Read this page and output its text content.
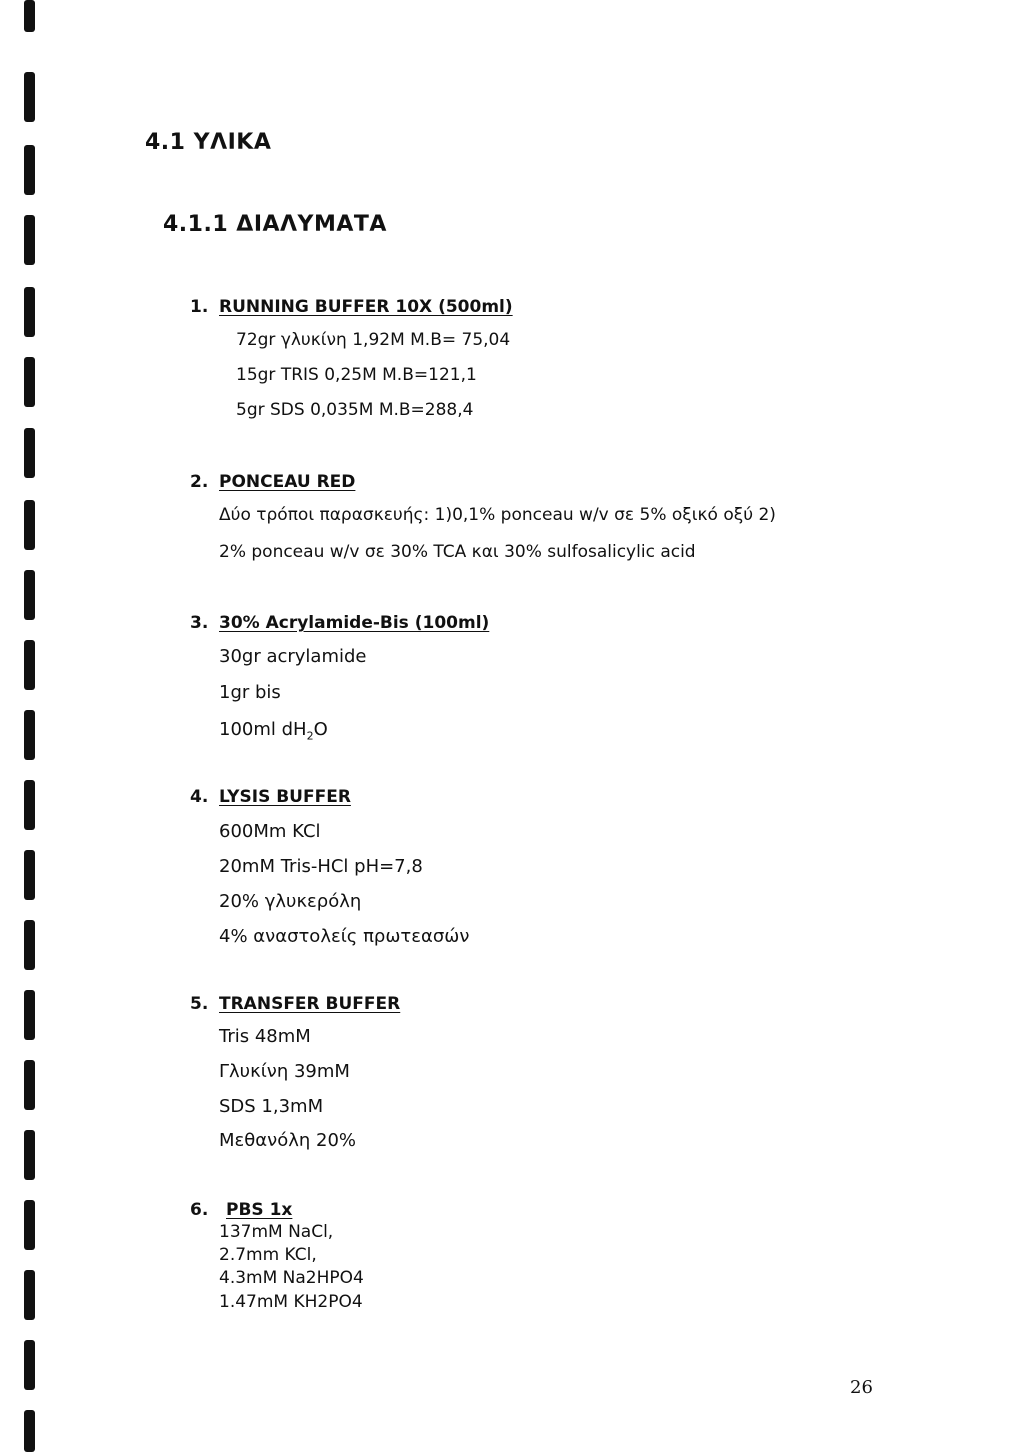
4.1 ΥΛΙΚΑ
4.1.1 ΔΙΑΛΥΜΑΤΑ
1. RUNNING BUFFER 10X (500ml)
72gr γλυκίνη 1,92M M.B= 75,04
15gr TRIS 0,25M M.B=121,1
5gr SDS 0,035M M.B=288,4
2. PONCEAU RED
Δύο τρόποι παρασκευής: 1)0,1% ponceau w/v σε 5% οξικό οξύ 2)
2% ponceau w/v σε 30% TCA και 30% sulfosalicylic acid
3. 30% Acrylamide-Bis (100ml)
30gr acrylamide
1gr bis
100ml $dH_2O$
4. LYSIS BUFFER
600Mm KCl
20mM Tris-HCl pH=7,8
20% γλυκερόλη
4% αναστολείς πρωτεασών
5. TRANSFER BUFFER
Tris 48mM
Γλυκίνη 39mM
SDS 1,3mM
Μεθανόλη 20%
6. PBS 1x
137mM NaCl,
2.7mm KCl,
4.3mM Na2HPO4
1.47mM KH2PO4
26
